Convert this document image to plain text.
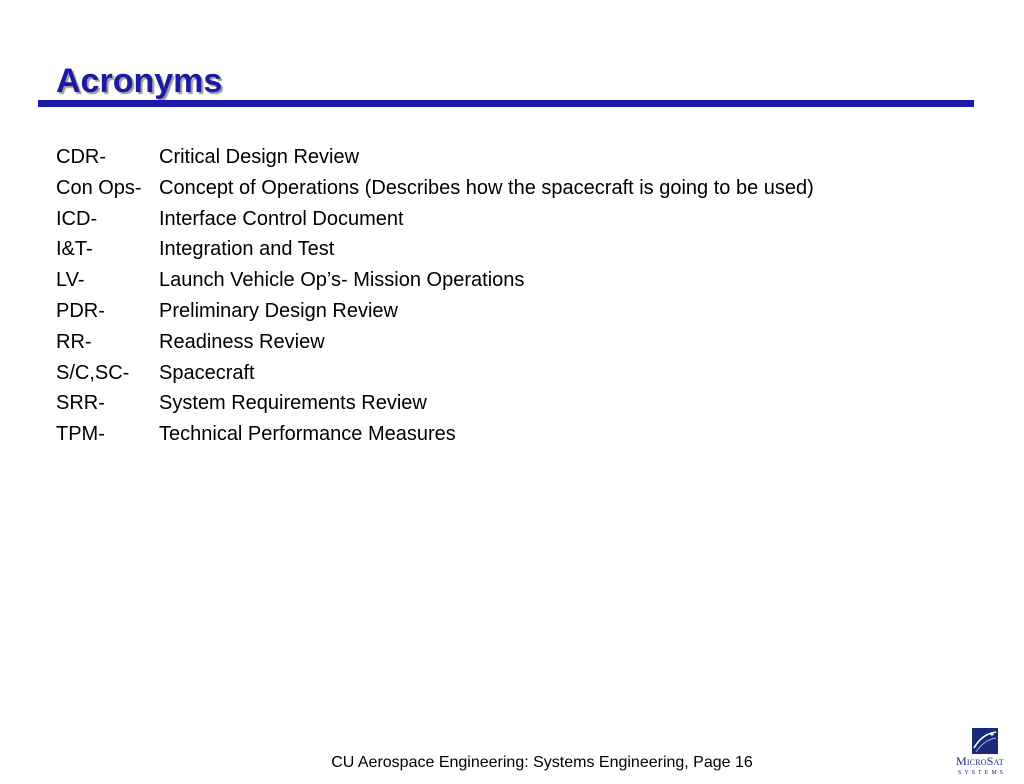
Acronyms
CDR-	Critical Design Review
Con Ops- Concept of Operations (Describes how the spacecraft is going to be used)
ICD-	Interface Control Document
I&T-	Integration and Test
LV-	Launch Vehicle Op’s- Mission Operations
PDR-	Preliminary Design Review
RR-	Readiness Review
S/C,SC-	Spacecraft
SRR-	System Requirements Review
TPM-	Technical Performance Measures
CU Aerospace Engineering: Systems Engineering, Page 16	MicroSat
SYSTEMS
